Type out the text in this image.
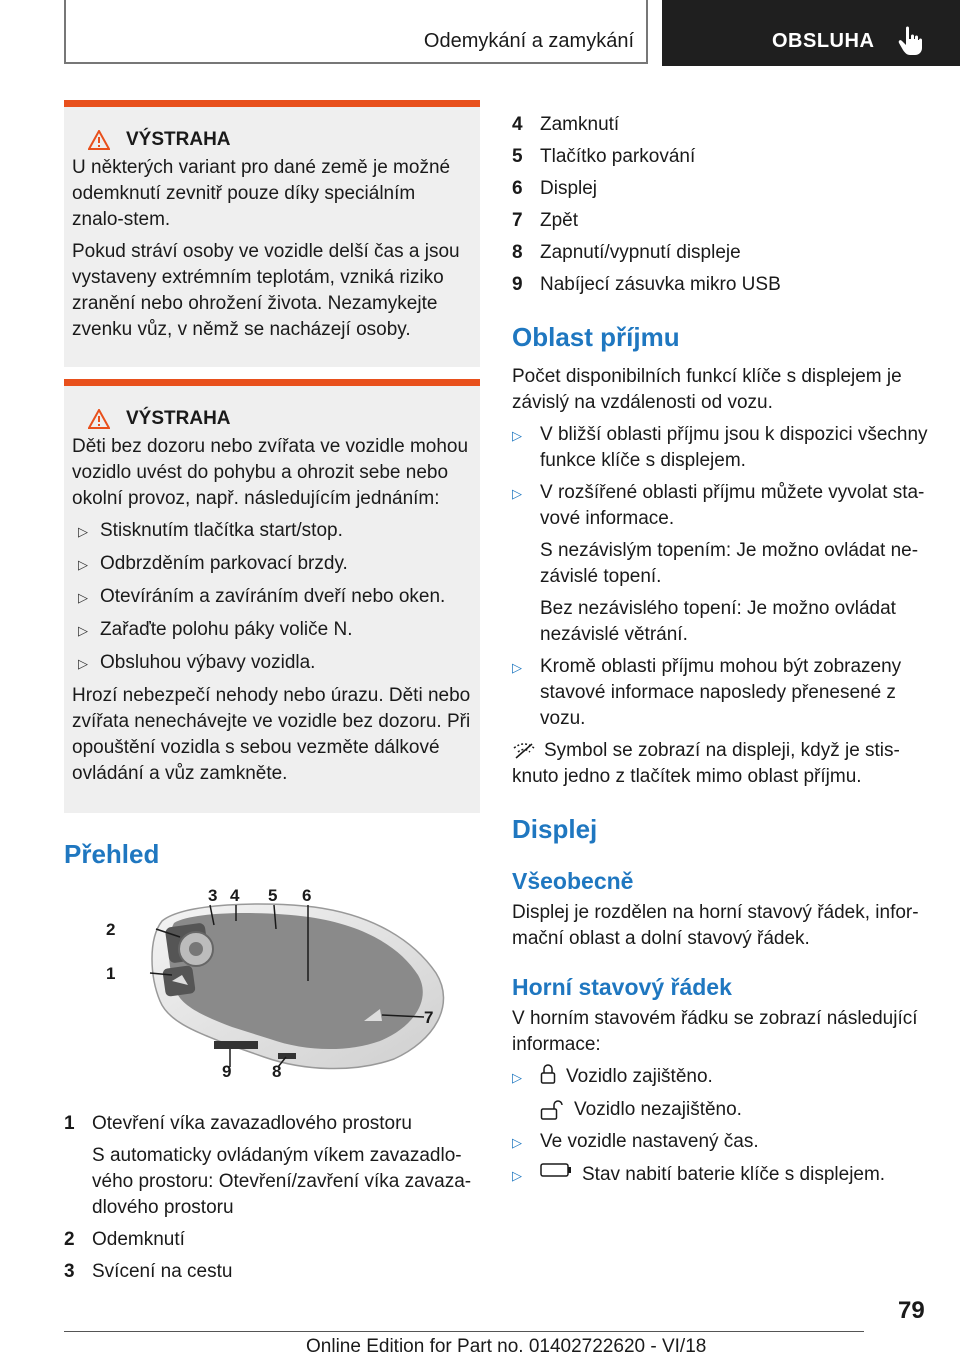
Odemykání a zamykání	OBSLUHA
VÝSTRAHA

U některých variant pro dané země je možné odemknutí zevnitř pouze díky speciálním znalo-stem.

Pokud stráví osoby ve vozidle delší čas a jsou vystaveny extrémním teplotám, vzniká riziko zranění nebo ohrožení života. Nezamykejte zvenku vůz, v němž se nacházejí osoby.

VÝSTRAHA

Děti bez dozoru nebo zvířata ve vozidle mohou vozidlo uvést do pohybu a ohrozit sebe nebo okolní provoz, např. následujícím jednáním:

▷ Stisknutím tlačítka start/stop.
▷ Odbrzděním parkovací brzdy.
▷ Otevíráním a zavíráním dveří nebo oken.
▷ Zařaďte polohu páky voliče N.
▷ Obsluhou výbavy vozidla.

Hrozí nebezpečí nehody nebo úrazu. Děti nebo zvířata nenechávejte ve vozidle bez dozoru. Při opouštění vozidla s sebou vezměte dálkové ovládání a vůz zamkněte.

Přehled
3 4 5 6
2
1
7
9 8
1 Otevření víka zavazadlového prostoru

S automaticky ovládaným víkem zavazadlo-vého prostoru: Otevření/zavření víka zavaza-dlového prostoru

2 Odemknutí
3 Svícení na cestu
4 Zamknutí
5 Tlačítko parkování
6 Displej
7 Zpět
8 Zapnutí/vypnutí displeje
9 Nabíjecí zásuvka mikro USB
Oblast příjmu

Počet disponibilních funkcí klíče s displejem je závislý na vzdálenosti od vozu.

▷ V bližší oblasti příjmu jsou k dispozici všechny funkce klíče s displejem.
▷ V rozšířené oblasti příjmu můžete vyvolat sta-vové informace.

S nezávislým topením: Je možno ovládat ne-závislé topení.

Bez nezávislého topení: Je možno ovládat nezávislé větrání.

▷ Kromě oblasti příjmu mohou být zobrazeny stavové informace naposledy přenesené z vozu.

Symbol se zobrazí na displeji, když je stis-knuto jedno z tlačítek mimo oblast příjmu.

Displej
Všeobecně

Displej je rozdělen na horní stavový řádek, infor-mační oblast a dolní stavový řádek.

Horní stavový řádek

V horním stavovém řádku se zobrazí následující informace:

▷	Vozidlo zajištěno.
Vozidlo nezajištěno.
▷ Ve vozidle nastavený čas.
▷	Stav nabití baterie klíče s displejem.
79
Online Edition for Part no. 01402722620 - VI/18
